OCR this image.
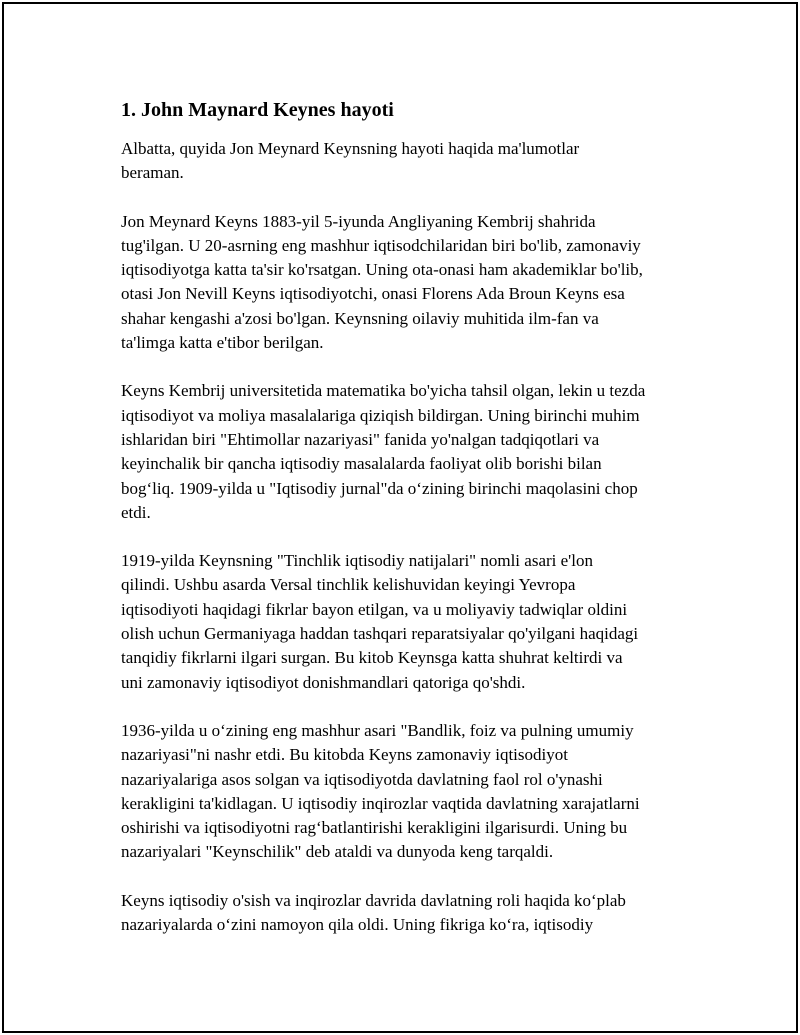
1. John Maynard Keynes hayoti

Albatta, quyida Jon Meynard Keynsning hayoti haqida ma'lumotlar
beraman.

Jon Meynard Keyns 1883-yil 5-iyunda Angliyaning Kembrij shahrida
tug'ilgan. U 20-asrning eng mashhur iqtisodchilaridan biri bo'lib, zamonaviy
iqtisodiyotga katta ta'sir ko'rsatgan. Uning ota-onasi ham akademiklar bo'lib,
otasi Jon Nevill Keyns iqtisodiyotchi, onasi Florens Ada Broun Keyns esa
shahar kengashi a'zosi bo'lgan. Keynsning oilaviy muhitida ilm-fan va
ta'limga katta e'tibor berilgan.

Keyns Kembrij universitetida matematika bo'yicha tahsil olgan, lekin u tezda
iqtisodiyot va moliya masalalariga qiziqish bildirgan. Uning birinchi muhim
ishlaridan biri "Ehtimollar nazariyasi" fanida yo'nalgan tadqiqotlari va
keyinchalik bir qancha iqtisodiy masalalarda faoliyat olib borishi bilan
bog‘liq. 1909-yilda u "Iqtisodiy jurnal"da o‘zining birinchi maqolasini chop
etdi.

1919-yilda Keynsning "Tinchlik iqtisodiy natijalari" nomli asari e'lon
qilindi. Ushbu asarda Versal tinchlik kelishuvidan keyingi Yevropa
iqtisodiyoti haqidagi fikrlar bayon etilgan, va u moliyaviy tadwiqlar oldini
olish uchun Germaniyaga haddan tashqari reparatsiyalar qo'yilgani haqidagi
tanqidiy fikrlarni ilgari surgan. Bu kitob Keynsga katta shuhrat keltirdi va
uni zamonaviy iqtisodiyot donishmandlari qatoriga qo'shdi.

1936-yilda u o‘zining eng mashhur asari "Bandlik, foiz va pulning umumiy
nazariyasi"ni nashr etdi. Bu kitobda Keyns zamonaviy iqtisodiyot
nazariyalariga asos solgan va iqtisodiyotda davlatning faol rol o'ynashi
kerakligini ta'kidlagan. U iqtisodiy inqirozlar vaqtida davlatning xarajatlarni
oshirishi va iqtisodiyotni rag‘batlantirishi kerakligini ilgarisurdi. Uning bu
nazariyalari "Keynschilik" deb ataldi va dunyoda keng tarqaldi.

Keyns iqtisodiy o'sish va inqirozlar davrida davlatning roli haqida ko‘plab
nazariyalarda o‘zini namoyon qila oldi. Uning fikriga ko‘ra, iqtisodiy
